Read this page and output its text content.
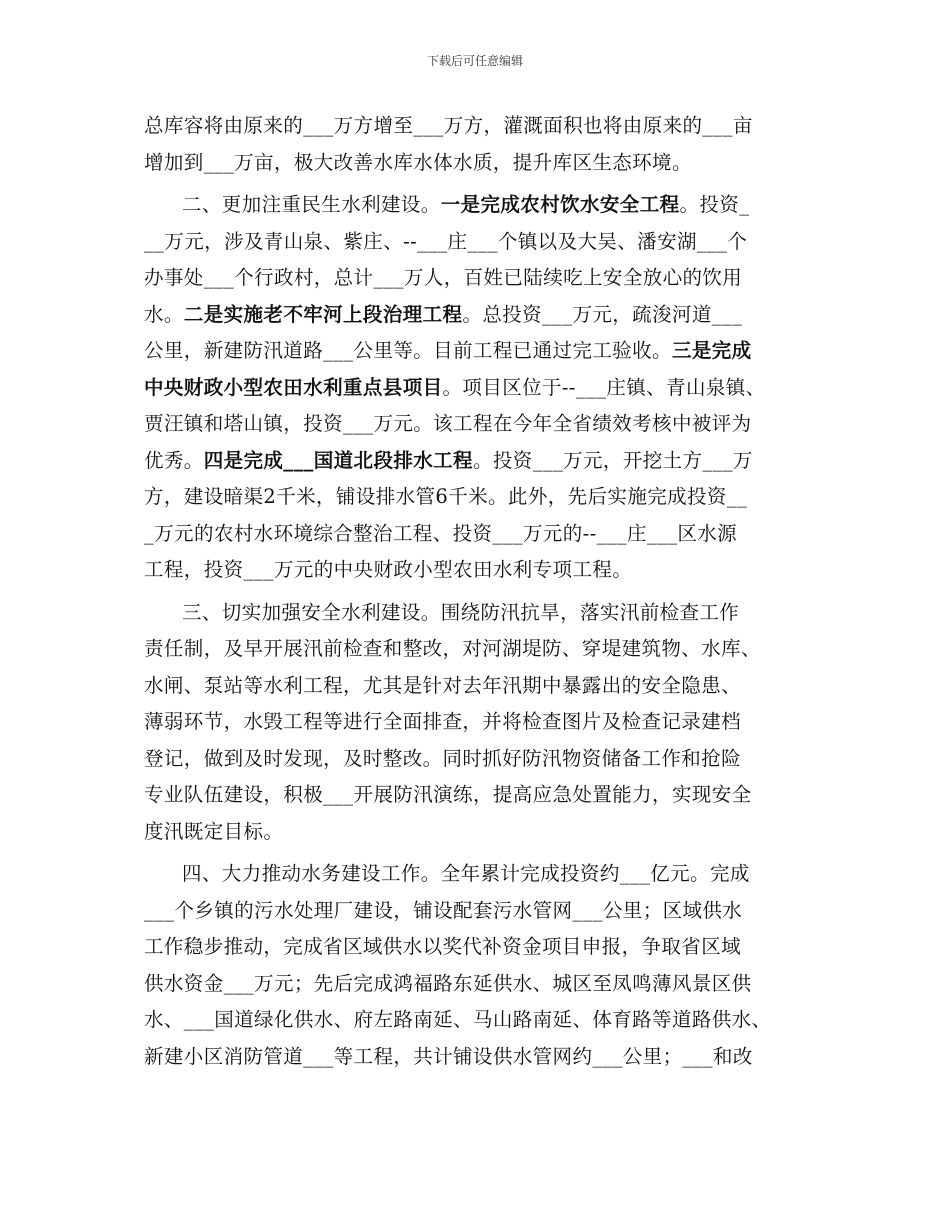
下载后可任意编辑
总库容将由原来的___万方增至___万方，灌溉面积也将由原来的___亩
增加到___万亩，极大改善水库水体水质，提升库区生态环境。
二、更加注重民生水利建设。一是完成农村饮水安全工程。投资_
__万元，涉及青山泉、紫庄、--___庄___个镇以及大吴、潘安湖___个
办事处___个行政村，总计___万人，百姓已陆续吃上安全放心的饮用
水。二是实施老不牢河上段治理工程。总投资___万元，疏浚河道___
公里，新建防汛道路___公里等。目前工程已通过完工验收。三是完成
中央财政小型农田水利重点县项目。项目区位于--___庄镇、青山泉镇、
贾汪镇和塔山镇，投资___万元。该工程在今年全省绩效考核中被评为
优秀。四是完成___国道北段排水工程。投资___万元，开挖土方___万
方，建设暗渠2千米，铺设排水管6千米。此外，先后实施完成投资__
_万元的农村水环境综合整治工程、投资___万元的--___庄___区水源
工程，投资___万元的中央财政小型农田水利专项工程。
三、切实加强安全水利建设。围绕防汛抗旱，落实汛前检查工作
责任制，及早开展汛前检查和整改，对河湖堤防、穿堤建筑物、水库、
水闸、泵站等水利工程，尤其是针对去年汛期中暴露出的安全隐患、
薄弱环节，水毁工程等进行全面排查，并将检查图片及检查记录建档
登记，做到及时发现，及时整改。同时抓好防汛物资储备工作和抢险
专业队伍建设，积极___开展防汛演练，提高应急处置能力，实现安全
度汛既定目标。
四、大力推动水务建设工作。全年累计完成投资约___亿元。完成
___个乡镇的污水处理厂建设，铺设配套污水管网___公里；区域供水
工作稳步推动，完成省区域供水以奖代补资金项目申报，争取省区域
供水资金___万元；先后完成鸿福路东延供水、城区至凤鸣薄风景区供
水、___国道绿化供水、府左路南延、马山路南延、体育路等道路供水、
新建小区消防管道___等工程，共计铺设供水管网约___公里；___和改
